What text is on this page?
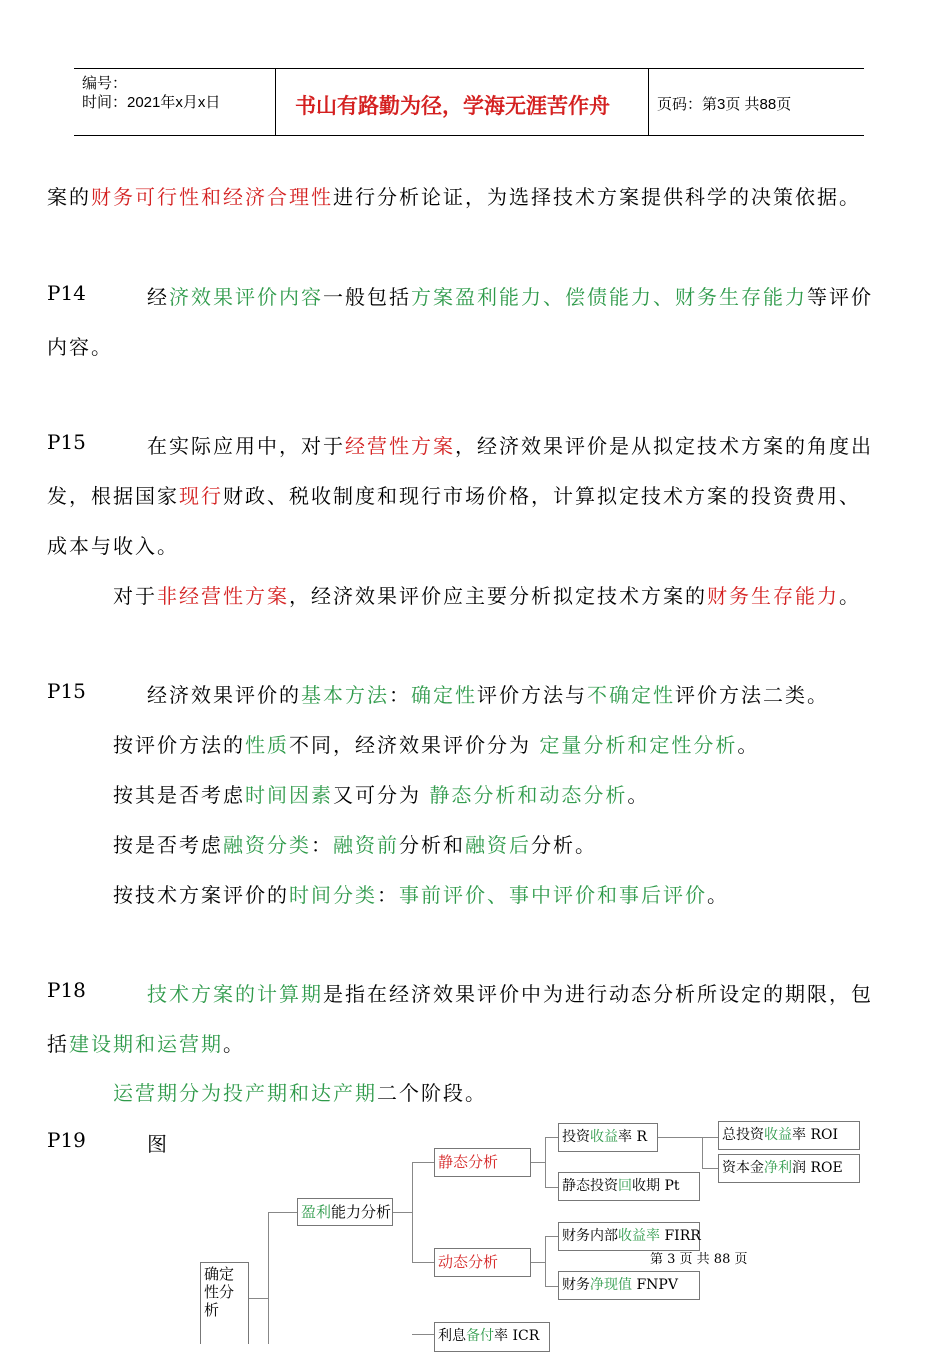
编号：
时间：2021年x月x日	书山有路勤为径，学海无涯苦作舟	页码：第3页 共88页
案的财务可行性和经济合理性进行分析论证，为选择技术方案提供科学的决策依据。
P14	经济效果评价内容一般包括方案盈利能力、偿债能力、财务生存能力等评价
内容。
P15	在实际应用中，对于经营性方案，经济效果评价是从拟定技术方案的角度出
发，根据国家现行财政、税收制度和现行市场价格，计算拟定技术方案的投资费用、
成本与收入。
对于非经营性方案，经济效果评价应主要分析拟定技术方案的财务生存能力。
P15	经济效果评价的基本方法：确定性评价方法与不确定性评价方法二类。
按评价方法的性质不同，经济效果评价分为 定量分析和定性分析。
按其是否考虑时间因素又可分为 静态分析和动态分析。
按是否考虑融资分类：融资前分析和融资后分析。
按技术方案评价的时间分类：事前评价、事中评价和事后评价。
P18	技术方案的计算期是指在经济效果评价中为进行动态分析所设定的期限，包
括建设期和运营期。
运营期分为投产期和达产期二个阶段。
P19	图
确定
性分
析
盈利能力分析
静态分析
动态分析
投资收益率 R	总投资收益率 ROI
资本金净利润 ROE
静态投资回收期 Pt
财务内部收益率 FIRR
财务净现值 FNPV
利息备付率 ICR
第 3 页 共 88 页
